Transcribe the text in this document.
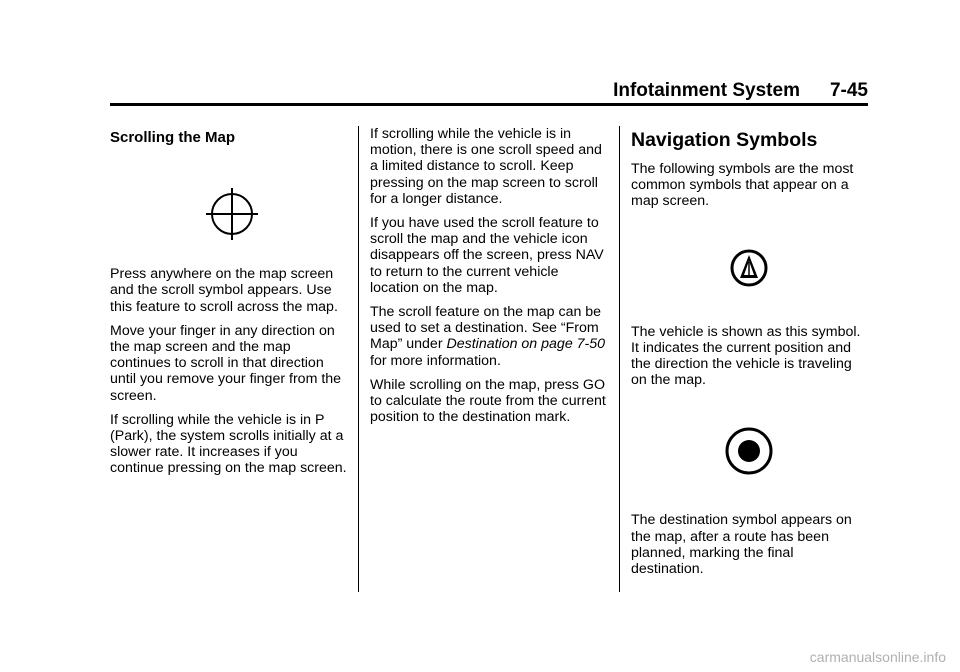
Infotainment System 7-45
Scrolling the Map

Press anywhere on the map screen and the scroll symbol appears. Use this feature to scroll across the map.

Move your finger in any direction on the map screen and the map continues to scroll in that direction until you remove your finger from the screen.

If scrolling while the vehicle is in P (Park), the system scrolls initially at a slower rate. It increases if you continue pressing on the map screen.

If scrolling while the vehicle is in motion, there is one scroll speed and a limited distance to scroll. Keep pressing on the map screen to scroll for a longer distance.

If you have used the scroll feature to scroll the map and the vehicle icon disappears off the screen, press NAV to return to the current vehicle location on the map.

The scroll feature on the map can be used to set a destination. See “From Map” under Destination on page 7-50 for more information.

While scrolling on the map, press GO to calculate the route from the current position to the destination mark.

Navigation Symbols

The following symbols are the most common symbols that appear on a map screen.

The vehicle is shown as this symbol. It indicates the current position and the direction the vehicle is traveling on the map.

The destination symbol appears on the map, after a route has been planned, marking the final destination.

carmanualsonline.info
